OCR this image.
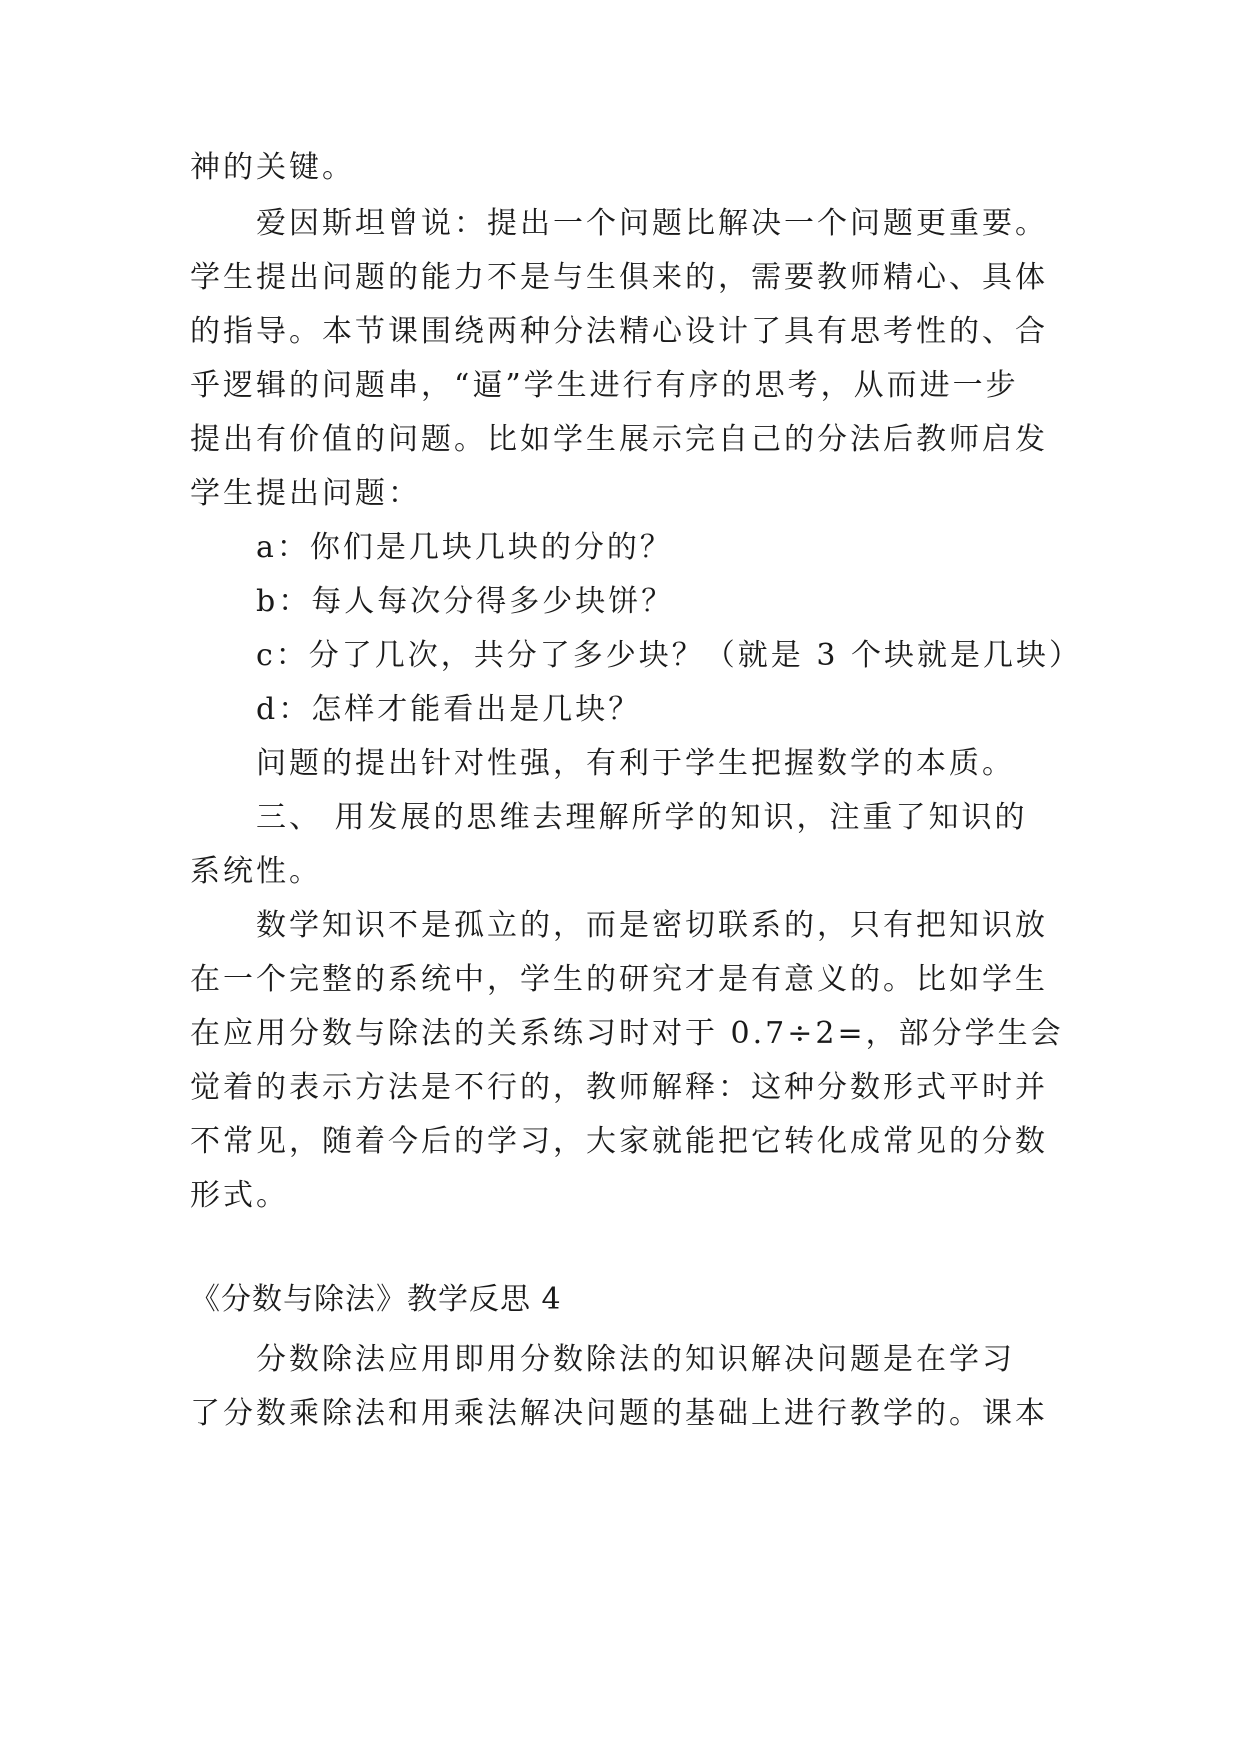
神的关键。
爱因斯坦曾说：提出一个问题比解决一个问题更重要。
学生提出问题的能力不是与生俱来的，需要教师精心、具体
的指导。本节课围绕两种分法精心设计了具有思考性的、合
乎逻辑的问题串，“逼”学生进行有序的思考，从而进一步
提出有价值的问题。比如学生展示完自己的分法后教师启发
学生提出问题：
a：你们是几块几块的分的？
b：每人每次分得多少块饼？
c：分了几次，共分了多少块？（就是 3 个块就是几块）
d：怎样才能看出是几块？
问题的提出针对性强，有利于学生把握数学的本质。
三、 用发展的思维去理解所学的知识，注重了知识的
系统性。
数学知识不是孤立的，而是密切联系的，只有把知识放
在一个完整的系统中，学生的研究才是有意义的。比如学生
在应用分数与除法的关系练习时对于 0.7÷2=，部分学生会
觉着的表示方法是不行的，教师解释：这种分数形式平时并
不常见，随着今后的学习，大家就能把它转化成常见的分数
形式。
《分数与除法》教学反思 4
分数除法应用即用分数除法的知识解决问题是在学习
了分数乘除法和用乘法解决问题的基础上进行教学的。课本
